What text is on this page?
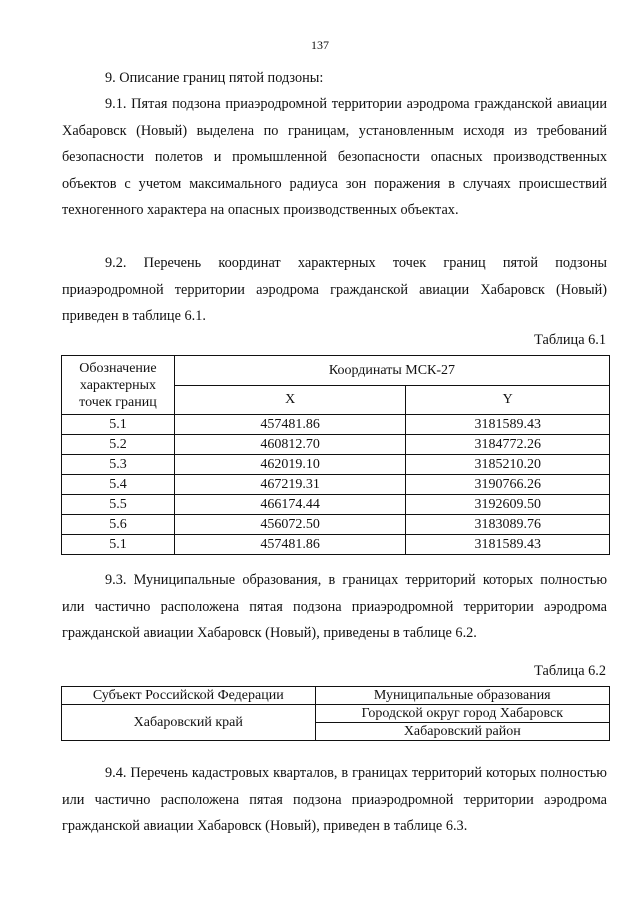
137

9. Описание границ пятой подзоны:

9.1. Пятая подзона приаэродромной территории аэродрома гражданской авиации Хабаровск (Новый) выделена по границам, установленным исходя из требований безопасности полетов и промышленной безопасности опасных производственных объектов с учетом максимального радиуса зон поражения в случаях происшествий техногенного характера на опасных производственных объектах.

9.2. Перечень координат характерных точек границ пятой подзоны приаэродромной территории аэродрома гражданской авиации Хабаровск (Новый) приведен в таблице 6.1.

Таблица 6.1
Обозначение характерных точек границ	Координаты МСК-27	
	X	Y
5.1	457481.86	3181589.43
5.2	460812.70	3184772.26
5.3	462019.10	3185210.20
5.4	467219.31	3190766.26
5.5	466174.44	3192609.50
5.6	456072.50	3183089.76
5.1	457481.86	3181589.43

9.3. Муниципальные образования, в границах территорий которых полностью или частично расположена пятая подзона приаэродромной территории аэродрома гражданской авиации Хабаровск (Новый), приведены в таблице 6.2.

Таблица 6.2
Субъект Российской Федерации	Муниципальные образования
Хабаровский край	Городской округ город Хабаровск
	Хабаровский район

9.4. Перечень кадастровых кварталов, в границах территорий которых полностью или частично расположена пятая подзона приаэродромной территории аэродрома гражданской авиации Хабаровск (Новый), приведен в таблице 6.3.
